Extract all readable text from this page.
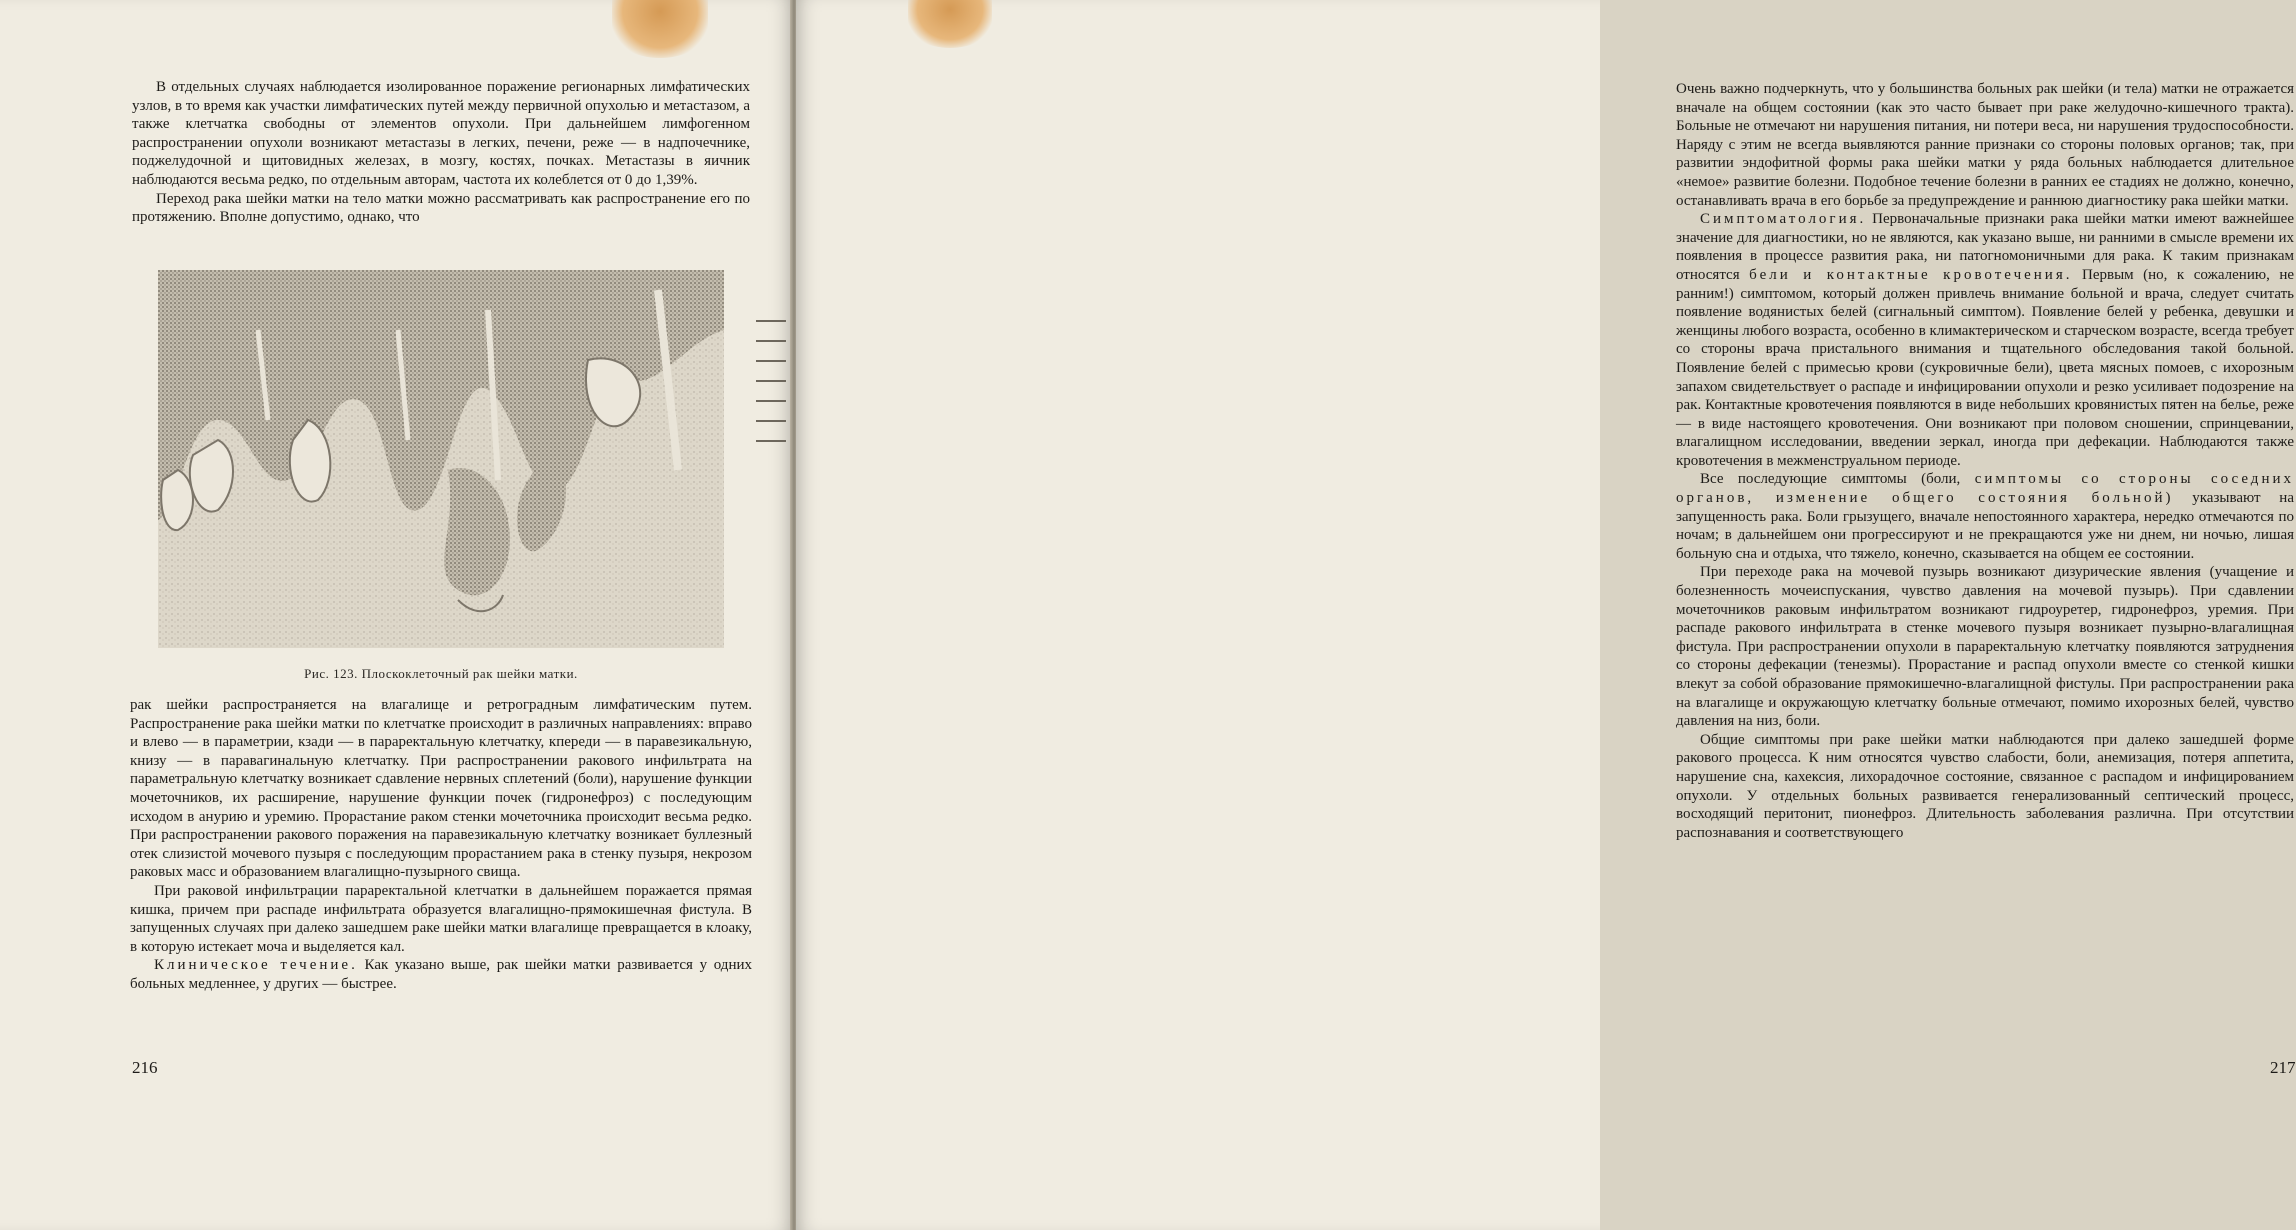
В отдельных случаях наблюдается изолированное поражение регионарных лимфатических узлов, в то время как участки лимфатических путей между первичной опухолью и метастазом, а также клетчатка свободны от элементов опухоли. При дальнейшем лимфогенном распространении опухоли возникают метастазы в легких, печени, реже — в надпочечнике, поджелудочной и щитовидных железах, в мозгу, костях, почках. Метастазы в яичник наблюдаются весьма редко, по отдельным авторам, частота их колеблется от 0 до 1,39%.

Переход рака шейки матки на тело матки можно рассматривать как распространение его по протяжению. Вполне допустимо, однако, что

Рис. 123. Плоскоклеточный рак шейки матки.

рак шейки распространяется на влагалище и ретроградным лимфатическим путем. Распространение рака шейки матки по клетчатке происходит в различных направлениях: вправо и влево — в параметрии, кзади — в параректальную клетчатку, кпереди — в паравезикальную, книзу — в паравагинальную клетчатку. При распространении ракового инфильтрата на параметральную клетчатку возникает сдавление нервных сплетений (боли), нарушение функции мочеточников, их расширение, нарушение функции почек (гидронефроз) с последующим исходом в анурию и уремию. Прорастание раком стенки мочеточника происходит весьма редко. При распространении ракового поражения на паравезикальную клетчатку возникает буллезный отек слизистой мочевого пузыря с последующим прорастанием рака в стенку пузыря, некрозом раковых масс и образованием влагалищно-пузырного свища.

При раковой инфильтрации параректальной клетчатки в дальнейшем поражается прямая кишка, причем при распаде инфильтрата образуется влагалищно-прямокишечная фистула. В запущенных случаях при далеко зашедшем раке шейки матки влагалище превращается в клоаку, в которую истекает моча и выделяется кал.

Клиническое течение. Как указано выше, рак шейки матки развивается у одних больных медленнее, у других — быстрее.

216

Очень важно подчеркнуть, что у большинства больных рак шейки (и тела) матки не отражается вначале на общем состоянии (как это часто бывает при раке желудочно-кишечного тракта). Больные не отмечают ни нарушения питания, ни потери веса, ни нарушения трудоспособности. Наряду с этим не всегда выявляются ранние признаки со стороны половых органов; так, при развитии эндофитной формы рака шейки матки у ряда больных наблюдается длительное «немое» развитие болезни. Подобное течение болезни в ранних ее стадиях не должно, конечно, останавливать врача в его борьбе за предупреждение и раннюю диагностику рака шейки матки.

Симптоматология. Первоначальные признаки рака шейки матки имеют важнейшее значение для диагностики, но не являются, как указано выше, ни ранними в смысле времени их появления в процессе развития рака, ни патогномоничными для рака. К таким признакам относятся бели и контактные кровотечения. Первым (но, к сожалению, не ранним!) симптомом, который должен привлечь внимание больной и врача, следует считать появление водянистых белей (сигнальный симптом). Появление белей у ребенка, девушки и женщины любого возраста, особенно в климактерическом и старческом возрасте, всегда требует со стороны врача пристального внимания и тщательного обследования такой больной. Появление белей с примесью крови (сукровичные бели), цвета мясных помоев, с ихорозным запахом свидетельствует о распаде и инфицировании опухоли и резко усиливает подозрение на рак. Контактные кровотечения появляются в виде небольших кровянистых пятен на белье, реже — в виде настоящего кровотечения. Они возникают при половом сношении, спринцевании, влагалищном исследовании, введении зеркал, иногда при дефекации. Наблюдаются также кровотечения в межменструальном периоде.

Все последующие симптомы (боли, симптомы со стороны соседних органов, изменение общего состояния больной) указывают на запущенность рака. Боли грызущего, вначале непостоянного характера, нередко отмечаются по ночам; в дальнейшем они прогрессируют и не прекращаются уже ни днем, ни ночью, лишая больную сна и отдыха, что тяжело, конечно, сказывается на общем ее состоянии.

При переходе рака на мочевой пузырь возникают дизурические явления (учащение и болезненность мочеиспускания, чувство давления на мочевой пузырь). При сдавлении мочеточников раковым инфильтратом возникают гидроуретер, гидронефроз, уремия. При распаде ракового инфильтрата в стенке мочевого пузыря возникает пузырно-влагалищная фистула. При распространении опухоли в параректальную клетчатку появляются затруднения со стороны дефекации (тенезмы). Прорастание и распад опухоли вместе со стенкой кишки влекут за собой образование прямокишечно-влагалищной фистулы. При распространении рака на влагалище и окружающую клетчатку больные отмечают, помимо ихорозных белей, чувство давления на низ, боли.

Общие симптомы при раке шейки матки наблюдаются при далеко зашедшей форме ракового процесса. К ним относятся чувство слабости, боли, анемизация, потеря аппетита, нарушение сна, кахексия, лихорадочное состояние, связанное с распадом и инфицированием опухоли. У отдельных больных развивается генерализованный септический процесс, восходящий перитонит, пионефроз. Длительность заболевания различна. При отсутствии распознавания и соответствующего

217
